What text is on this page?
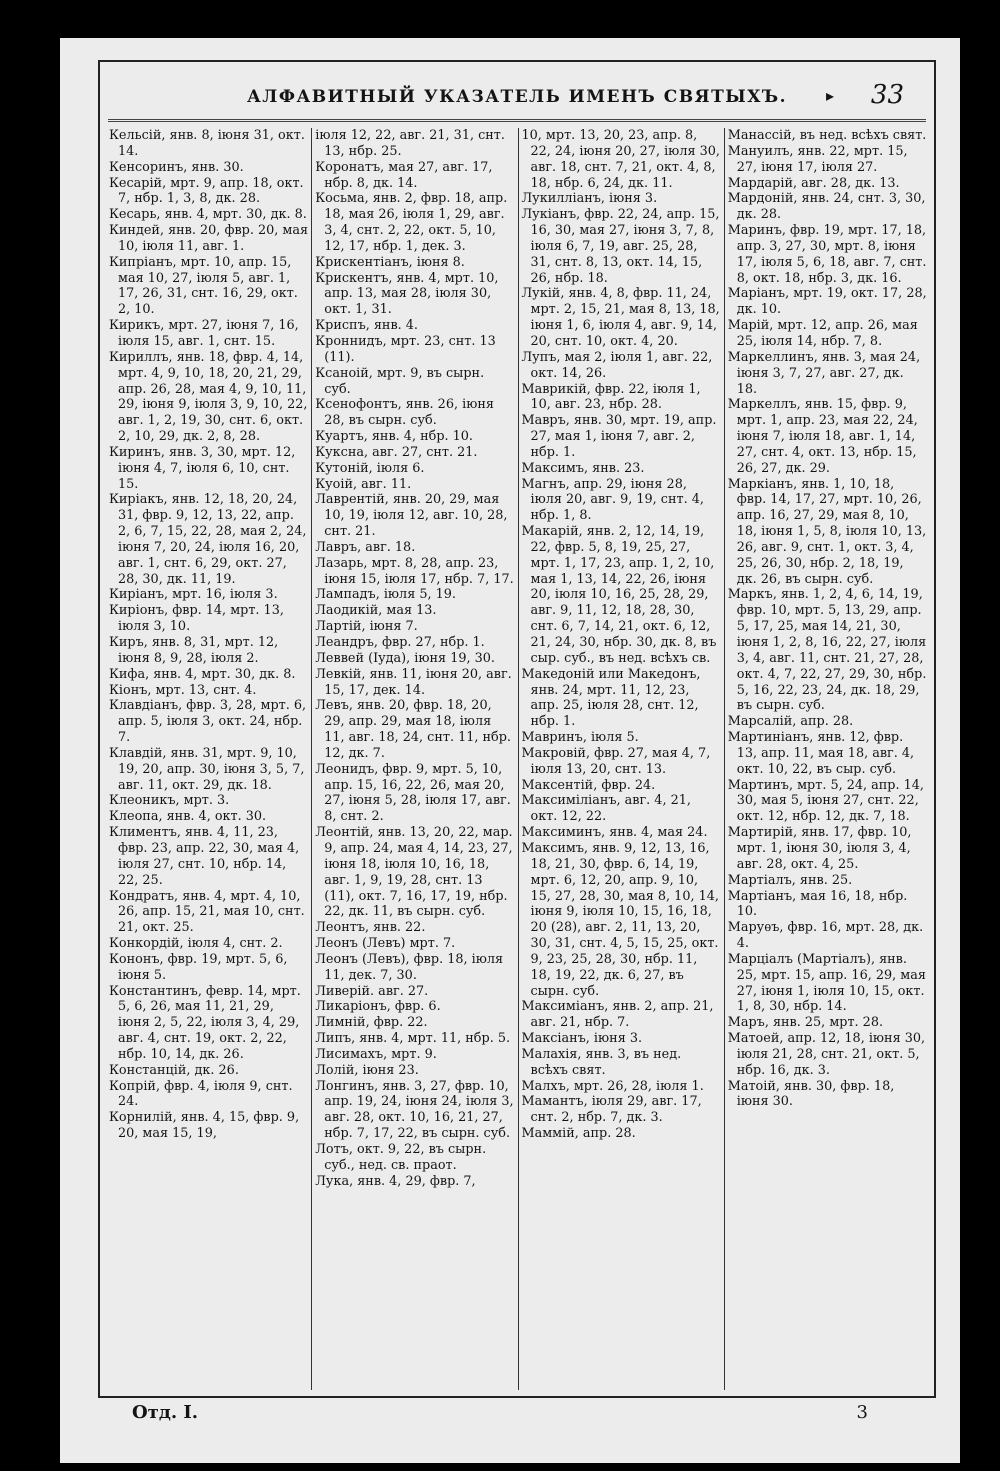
АЛФАВИТНЫЙ УКАЗАТЕЛЬ ИМЕНЪ СВЯТЫХЪ.	▸ 33
Кельсій, янв. 8, іюня 31, окт. 14.
Кенсоринъ, янв. 30.
Кесарій, мрт. 9, апр. 18, окт. 7, нбр. 1, 3, 8, дк. 28.
Кесарь, янв. 4, мрт. 30, дк. 8.
Киндей, янв. 20, фвр. 20, мая 10, іюля 11, авг. 1.
Кипріанъ, мрт. 10, апр. 15, мая 10, 27, іюля 5, авг. 1, 17, 26, 31, снт. 16, 29, окт. 2, 10.
Кирикъ, мрт. 27, іюня 7, 16, іюля 15, авг. 1, снт. 15.
Кириллъ, янв. 18, фвр. 4, 14, мрт. 4, 9, 10, 18, 20, 21, 29, апр. 26, 28, мая 4, 9, 10, 11, 29, іюня 9, іюля 3, 9, 10, 22, авг. 1, 2, 19, 30, снт. 6, окт. 2, 10, 29, дк. 2, 8, 28.
Киринъ, янв. 3, 30, мрт. 12, іюня 4, 7, іюля 6, 10, снт. 15.
Киріакъ, янв. 12, 18, 20, 24, 31, фвр. 9, 12, 13, 22, апр. 2, 6, 7, 15, 22, 28, мая 2, 24, іюня 7, 20, 24, іюля 16, 20, авг. 1, снт. 6, 29, окт. 27, 28, 30, дк. 11, 19.
Киріанъ, мрт. 16, іюля 3.
Киріонъ, фвр. 14, мрт. 13, іюля 3, 10.
Киръ, янв. 8, 31, мрт. 12, іюня 8, 9, 28, іюля 2.
Кифа, янв. 4, мрт. 30, дк. 8.
Кіонъ, мрт. 13, снт. 4.
Клавдіанъ, фвр. 3, 28, мрт. 6, апр. 5, іюля 3, окт. 24, нбр. 7.
Клавдій, янв. 31, мрт. 9, 10, 19, 20, апр. 30, іюня 3, 5, 7, авг. 11, окт. 29, дк. 18.
Клеоникъ, мрт. 3.
Клеопа, янв. 4, окт. 30.
Климентъ, янв. 4, 11, 23, фвр. 23, апр. 22, 30, мая 4, іюля 27, снт. 10, нбр. 14, 22, 25.
Кондратъ, янв. 4, мрт. 4, 10, 26, апр. 15, 21, мая 10, снт. 21, окт. 25.
Конкордій, іюля 4, снт. 2.
Кононъ, фвр. 19, мрт. 5, 6, іюня 5.
Константинъ, февр. 14, мрт. 5, 6, 26, мая 11, 21, 29, іюня 2, 5, 22, іюля 3, 4, 29, авг. 4, снт. 19, окт. 2, 22, нбр. 10, 14, дк. 26.
Констанцій, дк. 26.
Копрій, фвр. 4, іюля 9, снт. 24.
Корнилій, янв. 4, 15, фвр. 9, 20, мая 15, 19,
іюля 12, 22, авг. 21, 31, снт. 13, нбр. 25.
Коронатъ, мая 27, авг. 17, нбр. 8, дк. 14.
Косьма, янв. 2, фвр. 18, апр. 18, мая 26, іюля 1, 29, авг. 3, 4, снт. 2, 22, окт. 5, 10, 12, 17, нбр. 1, дек. 3.
Крискентіанъ, іюня 8.
Крискентъ, янв. 4, мрт. 10, апр. 13, мая 28, іюля 30, окт. 1, 31.
Криспъ, янв. 4.
Кроннидъ, мрт. 23, снт. 13 (11).
Ксаноій, мрт. 9, въ сырн. суб.
Ксенофонтъ, янв. 26, іюня 28, въ сырн. суб.
Куартъ, янв. 4, нбр. 10.
Куксна, авг. 27, снт. 21.
Кутоній, іюля 6.
Куоій, авг. 11.
Лаврентій, янв. 20, 29, мая 10, 19, іюля 12, авг. 10, 28, снт. 21.
Лавръ, авг. 18.
Лазарь, мрт. 8, 28, апр. 23, іюня 15, іюля 17, нбр. 7, 17.
Лампадъ, іюля 5, 19.
Лаодикій, мая 13.
Лартій, іюня 7.
Леандръ, фвр. 27, нбр. 1.
Леввей (Іуда), іюня 19, 30.
Левкій, янв. 11, іюня 20, авг. 15, 17, дек. 14.
Левъ, янв. 20, фвр. 18, 20, 29, апр. 29, мая 18, іюля 11, авг. 18, 24, снт. 11, нбр. 12, дк. 7.
Леонидъ, фвр. 9, мрт. 5, 10, апр. 15, 16, 22, 26, мая 20, 27, іюня 5, 28, іюля 17, авг. 8, снт. 2.
Леонтій, янв. 13, 20, 22, мар. 9, апр. 24, мая 4, 14, 23, 27, іюня 18, іюля 10, 16, 18, авг. 1, 9, 19, 28, снт. 13 (11), окт. 7, 16, 17, 19, нбр. 22, дк. 11, въ сырн. суб.
Леонтъ, янв. 22.
Леонъ (Левъ) мрт. 7.
Леонъ (Левъ), фвр. 18, іюля 11, дек. 7, 30.
Ливерій. авг. 27.
Ликаріонъ, фвр. 6.
Лимній, фвр. 22.
Липъ, янв. 4, мрт. 11, нбр. 5.
Лисимахъ, мрт. 9.
Лолій, іюня 23.
Лонгинъ, янв. 3, 27, фвр. 10, апр. 19, 24, іюня 24, іюля 3, авг. 28, окт. 10, 16, 21, 27, нбр. 7, 17, 22, въ сырн. суб.
Лотъ, окт. 9, 22, въ сырн. суб., нед. св. праот.
Лука, янв. 4, 29, фвр. 7,
10, мрт. 13, 20, 23, апр. 8, 22, 24, іюня 20, 27, іюля 30, авг. 18, снт. 7, 21, окт. 4, 8, 18, нбр. 6, 24, дк. 11.
Лукилліанъ, іюня 3.
Лукіанъ, фвр. 22, 24, апр. 15, 16, 30, мая 27, іюня 3, 7, 8, іюля 6, 7, 19, авг. 25, 28, 31, снт. 8, 13, окт. 14, 15, 26, нбр. 18.
Лукій, янв. 4, 8, фвр. 11, 24, мрт. 2, 15, 21, мая 8, 13, 18, іюня 1, 6, іюля 4, авг. 9, 14, 20, снт. 10, окт. 4, 20.
Лупъ, мая 2, іюля 1, авг. 22, окт. 14, 26.
Маврикій, фвр. 22, іюля 1, 10, авг. 23, нбр. 28.
Мавръ, янв. 30, мрт. 19, апр. 27, мая 1, іюня 7, авг. 2, нбр. 1.
Максимъ, янв. 23.
Магнъ, апр. 29, іюня 28, іюля 20, авг. 9, 19, снт. 4, нбр. 1, 8.
Макарій, янв. 2, 12, 14, 19, 22, фвр. 5, 8, 19, 25, 27, мрт. 1, 17, 23, апр. 1, 2, 10, мая 1, 13, 14, 22, 26, іюня 20, іюля 10, 16, 25, 28, 29, авг. 9, 11, 12, 18, 28, 30, снт. 6, 7, 14, 21, окт. 6, 12, 21, 24, 30, нбр. 30, дк. 8, въ сыр. суб., въ нед. всѣхъ св.
Македоній или Македонъ, янв. 24, мрт. 11, 12, 23, апр. 25, іюля 28, снт. 12, нбр. 1.
Мавринъ, іюля 5.
Макровій, фвр. 27, мая 4, 7, іюля 13, 20, снт. 13.
Максентій, фвр. 24.
Максиміліанъ, авг. 4, 21, окт. 12, 22.
Максиминъ, янв. 4, мая 24.
Максимъ, янв. 9, 12, 13, 16, 18, 21, 30, фвр. 6, 14, 19, мрт. 6, 12, 20, апр. 9, 10, 15, 27, 28, 30, мая 8, 10, 14, іюня 9, іюля 10, 15, 16, 18, 20 (28), авг. 2, 11, 13, 20, 30, 31, снт. 4, 5, 15, 25, окт. 9, 23, 25, 28, 30, нбр. 11, 18, 19, 22, дк. 6, 27, въ сырн. суб.
Максиміанъ, янв. 2, апр. 21, авг. 21, нбр. 7.
Максіанъ, іюня 3.
Малахія, янв. 3, въ нед. всѣхъ свят.
Малхъ, мрт. 26, 28, іюля 1.
Мамантъ, іюля 29, авг. 17, снт. 2, нбр. 7, дк. 3.
Маммій, апр. 28.
Манассій, въ нед. всѣхъ свят.
Мануилъ, янв. 22, мрт. 15, 27, іюня 17, іюля 27.
Мардарій, авг. 28, дк. 13.
Мардоній, янв. 24, снт. 3, 30, дк. 28.
Маринъ, фвр. 19, мрт. 17, 18, апр. 3, 27, 30, мрт. 8, іюня 17, іюля 5, 6, 18, авг. 7, снт. 8, окт. 18, нбр. 3, дк. 16.
Маріанъ, мрт. 19, окт. 17, 28, дк. 10.
Марій, мрт. 12, апр. 26, мая 25, іюля 14, нбр. 7, 8.
Маркеллинъ, янв. 3, мая 24, іюня 3, 7, 27, авг. 27, дк. 18.
Маркеллъ, янв. 15, фвр. 9, мрт. 1, апр. 23, мая 22, 24, іюня 7, іюля 18, авг. 1, 14, 27, снт. 4, окт. 13, нбр. 15, 26, 27, дк. 29.
Маркіанъ, янв. 1, 10, 18, фвр. 14, 17, 27, мрт. 10, 26, апр. 16, 27, 29, мая 8, 10, 18, іюня 1, 5, 8, іюля 10, 13, 26, авг. 9, снт. 1, окт. 3, 4, 25, 26, 30, нбр. 2, 18, 19, дк. 26, въ сырн. суб.
Маркъ, янв. 1, 2, 4, 6, 14, 19, фвр. 10, мрт. 5, 13, 29, апр. 5, 17, 25, мая 14, 21, 30, іюня 1, 2, 8, 16, 22, 27, іюля 3, 4, авг. 11, снт. 21, 27, 28, окт. 4, 7, 22, 27, 29, 30, нбр. 5, 16, 22, 23, 24, дк. 18, 29, въ сырн. суб.
Марсалій, апр. 28.
Мартиніанъ, янв. 12, фвр. 13, апр. 11, мая 18, авг. 4, окт. 10, 22, въ сыр. суб.
Мартинъ, мрт. 5, 24, апр. 14, 30, мая 5, іюня 27, снт. 22, окт. 12, нбр. 12, дк. 7, 18.
Мартирій, янв. 17, фвр. 10, мрт. 1, іюня 30, іюля 3, 4, авг. 28, окт. 4, 25.
Мартіалъ, янв. 25.
Мартіанъ, мая 16, 18, нбр. 10.
Маруѳъ, фвр. 16, мрт. 28, дк. 4.
Марціалъ (Мартіалъ), янв. 25, мрт. 15, апр. 16, 29, мая 27, іюня 1, іюля 10, 15, окт. 1, 8, 30, нбр. 14.
Маръ, янв. 25, мрт. 28.
Матоей, апр. 12, 18, іюня 30, іюля 21, 28, снт. 21, окт. 5, нбр. 16, дк. 3.
Матоій, янв. 30, фвр. 18, іюня 30.
Отд. I.	3
